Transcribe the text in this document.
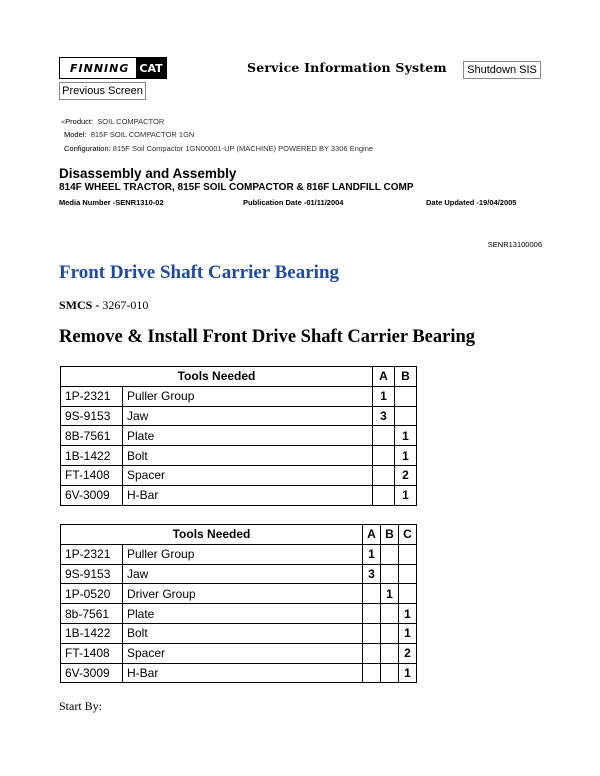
FINNING CAT	Service Information System	Shutdown SIS
Previous Screen
«Product: SOIL COMPACTOR
Model: 815F SOIL COMPACTOR 1GN
Configuration: 815F Soil Compactor 1GN00001-UP (MACHINE) POWERED BY 3306 Engine
Disassembly and Assembly
814F WHEEL TRACTOR, 815F SOIL COMPACTOR & 816F LANDFILL COMP
Media Number -SENR1310-02	Publication Date -01/11/2004	Date Updated -19/04/2005
SENR13100006
Front Drive Shaft Carrier Bearing
SMCS - 3267-010
Remove & Install Front Drive Shaft Carrier Bearing
Tools Needed		A	B
1P-2321	Puller Group	1	
9S-9153	Jaw	3	
8B-7561	Plate		1
1B-1422	Bolt		1
FT-1408	Spacer		2
6V-3009	H-Bar		1
Tools Needed		A	B	C
1P-2321	Puller Group	1		
9S-9153	Jaw	3		
1P-0520	Driver Group		1	
8b-7561	Plate			1
1B-1422	Bolt			1
FT-1408	Spacer			2
6V-3009	H-Bar			1
Start By:
